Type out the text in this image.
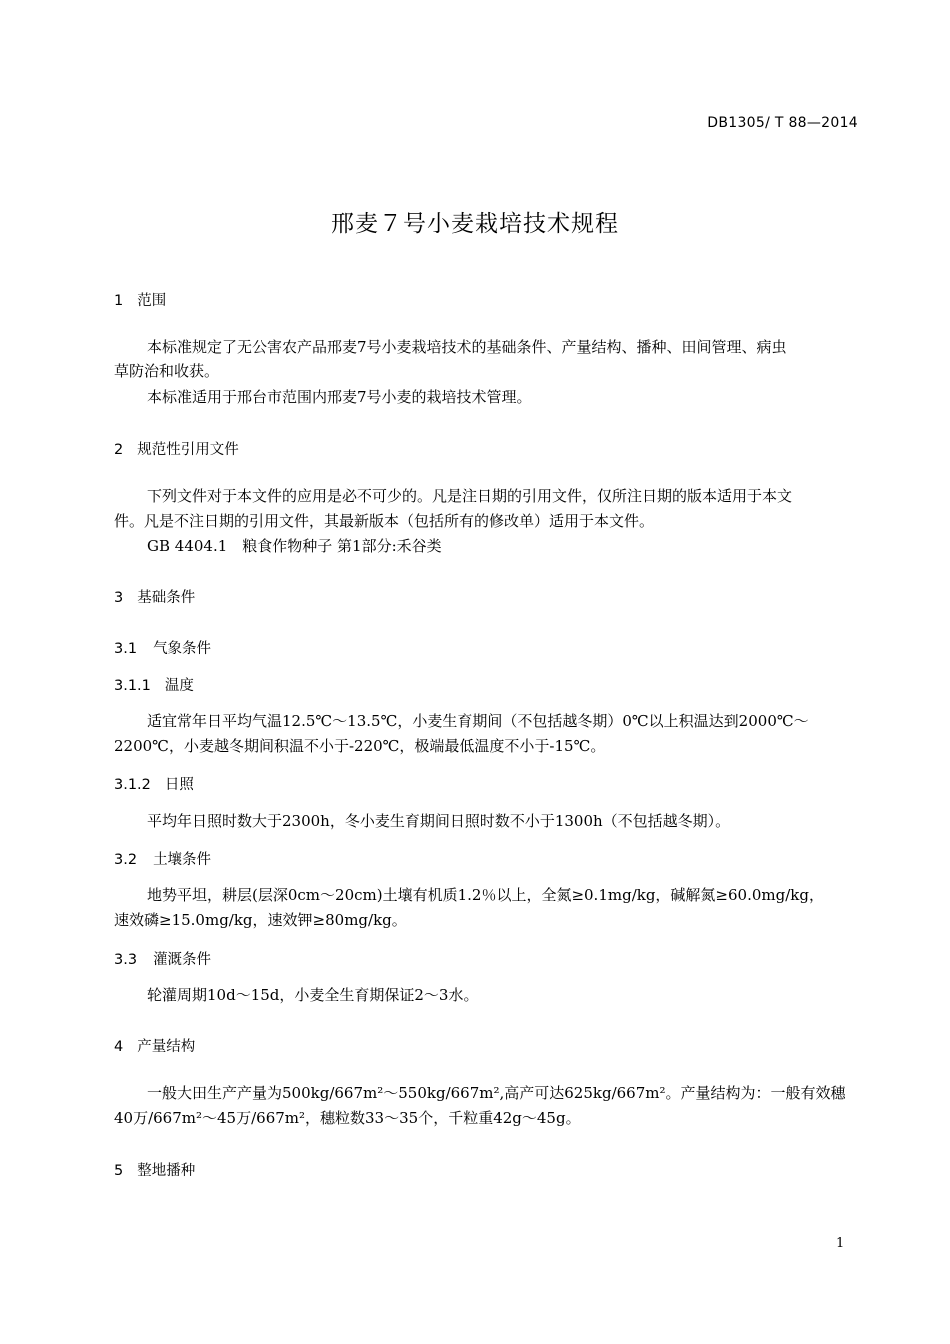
DB1305/ T 88—2014
邢麦７号小麦栽培技术规程
1 范围
本标准规定了无公害农产品邢麦7号小麦栽培技术的基础条件、产量结构、播种、田间管理、病虫
草防治和收获。
本标准适用于邢台市范围内邢麦7号小麦的栽培技术管理。
2 规范性引用文件
下列文件对于本文件的应用是必不可少的。凡是注日期的引用文件，仅所注日期的版本适用于本文
件。凡是不注日期的引用文件，其最新版本（包括所有的修改单）适用于本文件。
GB 4404.1　粮食作物种子 第1部分:禾谷类
3 基础条件
3.1 气象条件
3.1.1 温度
适宜常年日平均气温12.5℃～13.5℃，小麦生育期间（不包括越冬期）0℃以上积温达到2000℃～
2200℃，小麦越冬期间积温不小于-220℃，极端最低温度不小于-15℃。
3.1.2 日照
平均年日照时数大于2300h，冬小麦生育期间日照时数不小于1300h（不包括越冬期）。
3.2 土壤条件
地势平坦，耕层(层深0cm～20cm)土壤有机质1.2％以上，全氮≥0.1mg/kg，碱解氮≥60.0mg/kg，
速效磷≥15.0mg/kg，速效钾≥80mg/kg。
3.3 灌溉条件
轮灌周期10d～15d，小麦全生育期保证2～3水。
4 产量结构
一般大田生产产量为500kg/667m²～550kg/667m²,高产可达625kg/667m²。产量结构为：一般有效穗
40万/667m²～45万/667m²，穗粒数33～35个，千粒重42g～45g。
5 整地播种
1
